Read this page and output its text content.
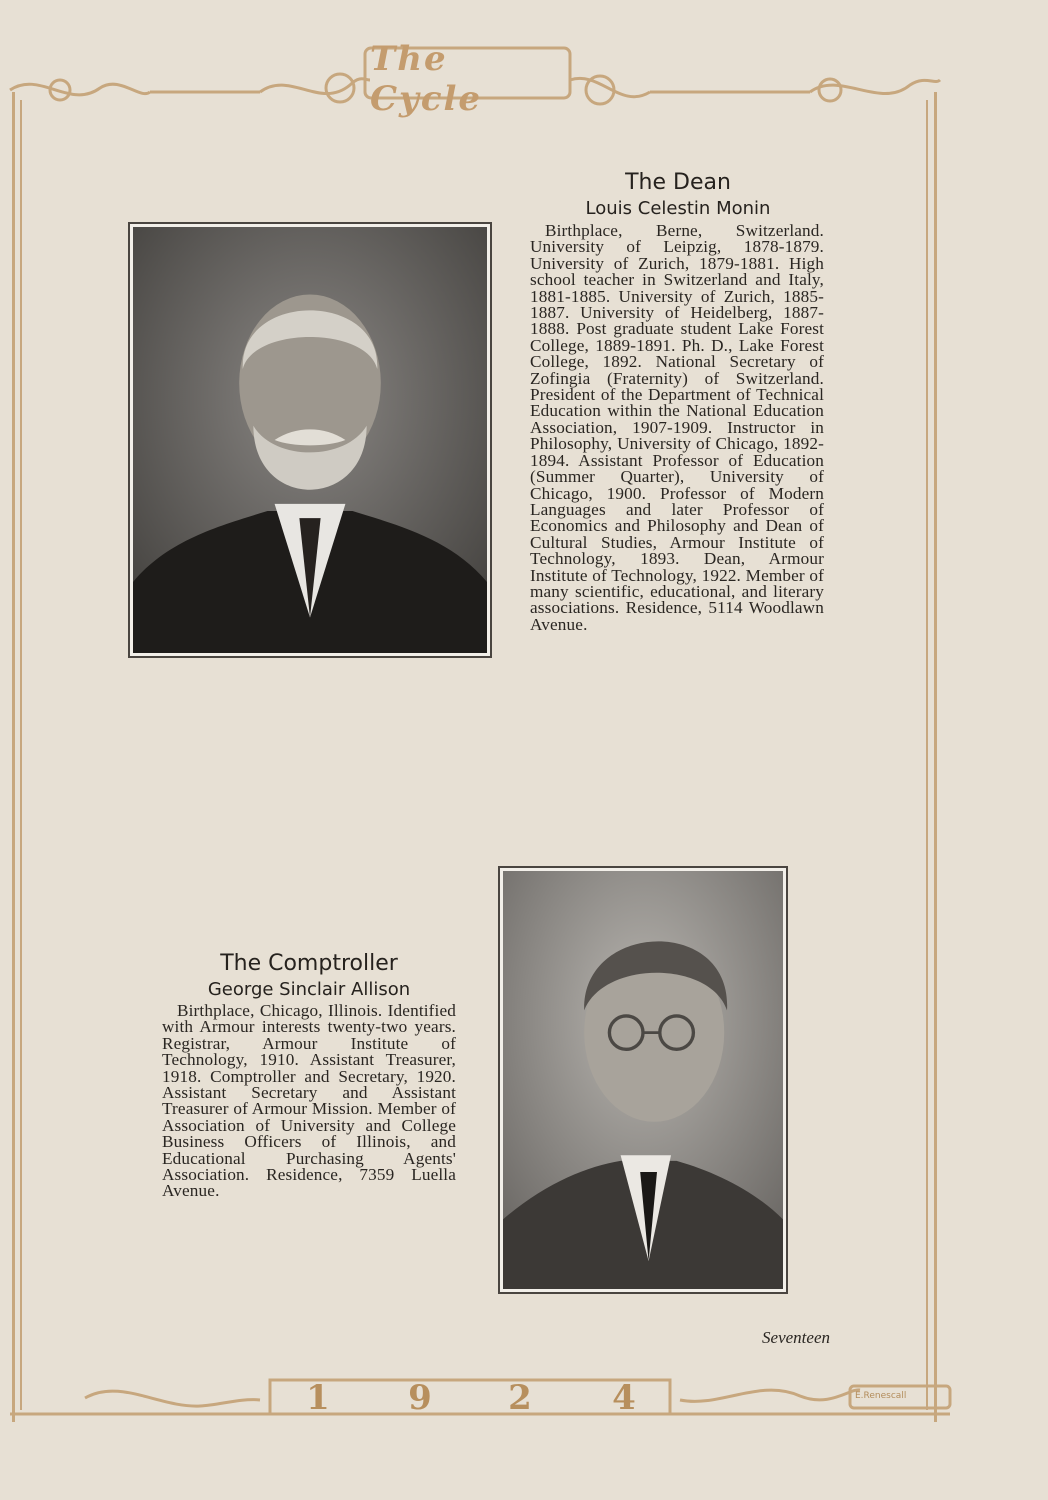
The Cycle
1 9 2 4	E.Renescall
The Dean
Louis Celestin Monin
Birthplace, Berne, Switzerland. University of Leipzig, 1878-1879. University of Zurich, 1879-1881. High school teacher in Switzerland and Italy, 1881-1885. University of Zurich, 1885-1887. University of Heidelberg, 1887-1888. Post graduate student Lake Forest College, 1889-1891. Ph. D., Lake Forest College, 1892. National Secretary of Zofingia (Fraternity) of Switzerland. President of the Department of Technical Education within the National Education Association, 1907-1909. Instructor in Philosophy, University of Chicago, 1892-1894. Assistant Professor of Education (Summer Quarter), University of Chicago, 1900. Professor of Modern Languages and later Professor of Economics and Philosophy and Dean of Cultural Studies, Armour Institute of Technology, 1893. Dean, Armour Institute of Technology, 1922. Member of many scientific, educational, and literary associations. Residence, 5114 Woodlawn Avenue.
The Comptroller
George Sinclair Allison
Birthplace, Chicago, Illinois. Identified with Armour interests twenty-two years. Registrar, Armour Institute of Technology, 1910. Assistant Treasurer, 1918. Comptroller and Secretary, 1920. Assistant Secretary and Assistant Treasurer of Armour Mission. Member of Association of University and College Business Officers of Illinois, and Educational Purchasing Agents' Association. Residence, 7359 Luella Avenue.
Seventeen
